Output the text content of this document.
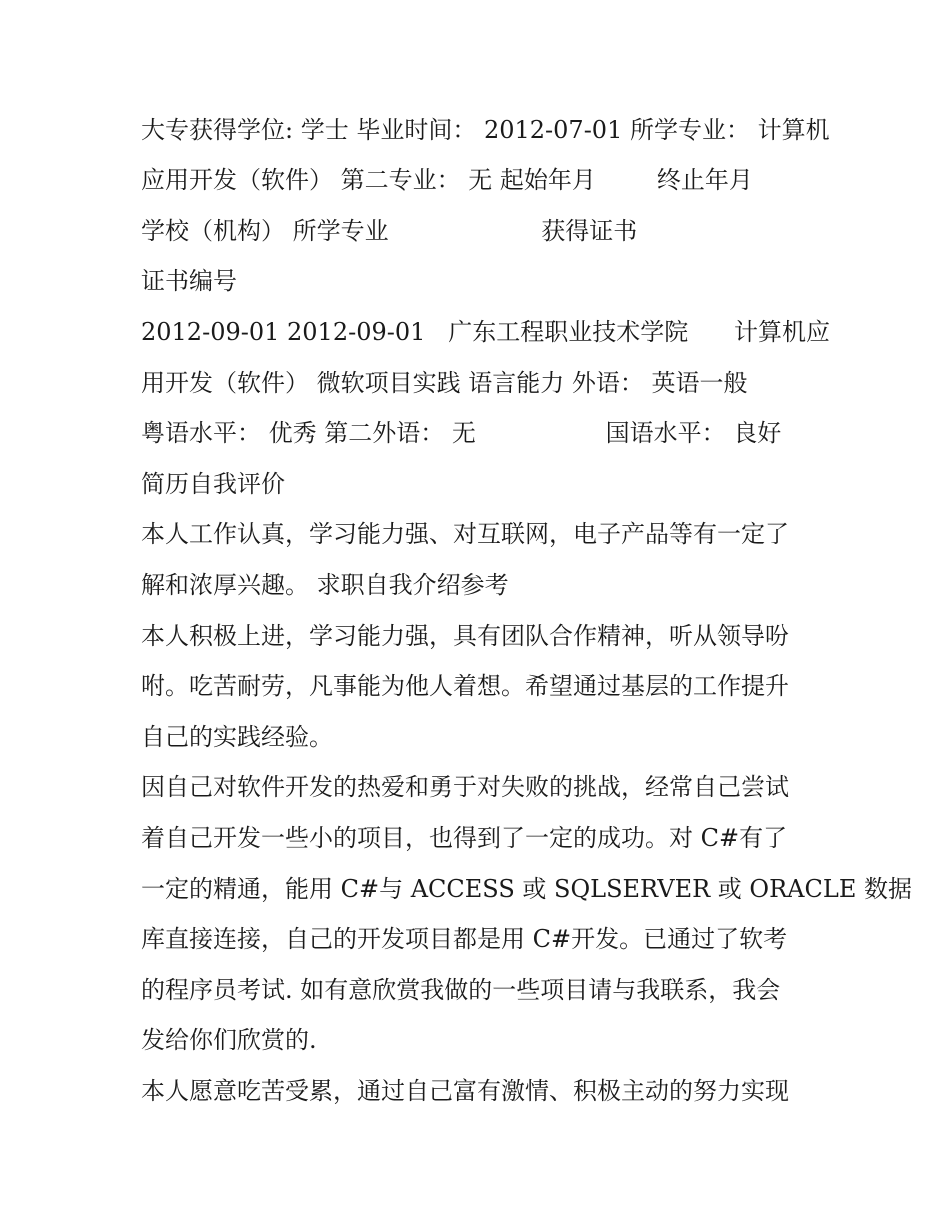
大专获得学位: 学士 毕业时间： 2012-07-01 所学专业： 计算机
应用开发（软件） 第二专业： 无 起始年月        终止年月
学校（机构） 所学专业                    获得证书
证书编号
2012-09-01 2012-09-01   广东工程职业技术学院      计算机应
用开发（软件） 微软项目实践 语言能力 外语： 英语一般
粤语水平： 优秀 第二外语： 无                 国语水平： 良好
简历自我评价
本人工作认真，学习能力强、对互联网，电子产品等有一定了
解和浓厚兴趣。 求职自我介绍参考
本人积极上进，学习能力强，具有团队合作精神，听从领导吩
咐。吃苦耐劳，凡事能为他人着想。希望通过基层的工作提升
自己的实践经验。
因自己对软件开发的热爱和勇于对失败的挑战，经常自己尝试
着自己开发一些小的项目，也得到了一定的成功。对 C#有了
一定的精通，能用 C#与 ACCESS 或 SQLSERVER 或 ORACLE 数据
库直接连接，自己的开发项目都是用 C#开发。已通过了软考
的程序员考试. 如有意欣赏我做的一些项目请与我联系，我会
发给你们欣赏的.
本人愿意吃苦受累，通过自己富有激情、积极主动的努力实现
